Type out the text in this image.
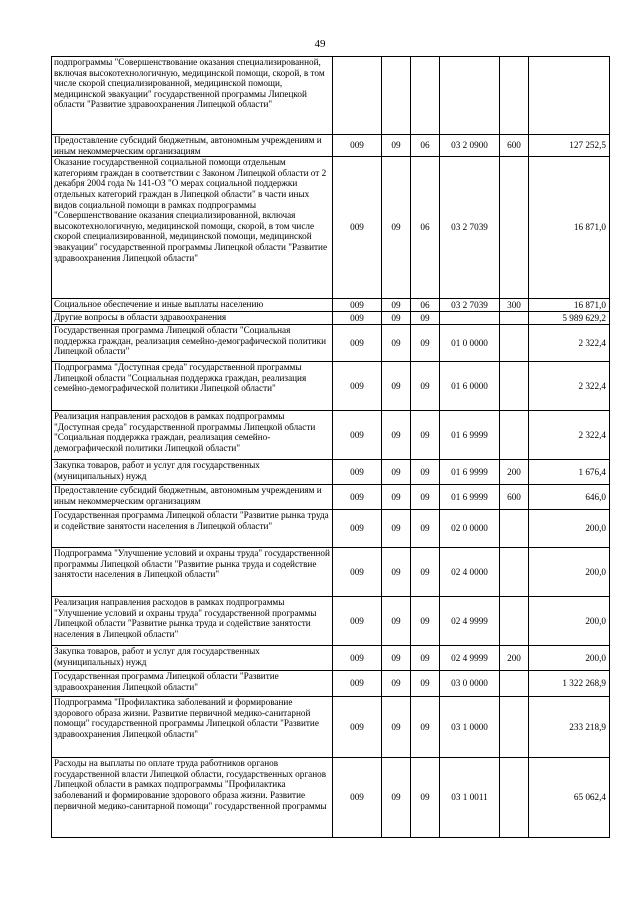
49
подпрограммы "Совершенствование оказания специализированной, включая высокотехнологичную, медицинской помощи, скорой, в том числе скорой специализированной, медицинской помощи, медицинской эвакуации" государственной программы Липецкой области "Развитие здравоохранения Липецкой области"						
Предоставление субсидий бюджетным, автономным учреждениям и иным некоммерческим организациям	009	09	06	03 2 0900	600	127 252,5
Оказание государственной социальной помощи отдельным категориям граждан в соответствии с Законом Липецкой области от 2 декабря 2004 года № 141-ОЗ "О мерах социальной поддержки отдельных категорий граждан в Липецкой области" в части иных видов социальной помощи в рамках подпрограммы "Совершенствование оказания специализированной, включая высокотехнологичную, медицинской помощи, скорой, в том числе скорой специализированной, медицинской помощи, медицинской эвакуации" государственной программы Липецкой области "Развитие здравоохранения Липецкой области"	009	09	06	03 2 7039		16 871,0
Социальное обеспечение и иные выплаты населению	009	09	06	03 2 7039	300	16 871,0
Другие вопросы в области здравоохранения	009	09	09			5 989 629,2
Государственная программа Липецкой области "Социальная поддержка граждан, реализация семейно-демографической политики Липецкой области"	009	09	09	01 0 0000		2 322,4
Подпрограмма "Доступная среда" государственной программы Липецкой области "Социальная поддержка граждан, реализация семейно-демографической политики Липецкой области"	009	09	09	01 6 0000		2 322,4
Реализация направления расходов в рамках подпрограммы "Доступная среда" государственной программы Липецкой области "Социальная поддержка граждан, реализация семейно-демографической политики Липецкой области"	009	09	09	01 6 9999		2 322,4
Закупка товаров, работ и услуг для государственных (муниципальных) нужд	009	09	09	01 6 9999	200	1 676,4
Предоставление субсидий бюджетным, автономным учреждениям и иным некоммерческим организациям	009	09	09	01 6 9999	600	646,0
Государственная программа Липецкой области "Развитие рынка труда и содействие занятости населения в Липецкой области"	009	09	09	02 0 0000		200,0
Подпрограмма "Улучшение условий и охраны труда" государственной программы Липецкой области "Развитие рынка труда и содействие занятости населения в Липецкой области"	009	09	09	02 4 0000		200,0
Реализация направления расходов в рамках подпрограммы "Улучшение условий и охраны труда" государственной программы Липецкой области "Развитие рынка труда и содействие занятости населения в Липецкой области"	009	09	09	02 4 9999		200,0
Закупка товаров, работ и услуг для государственных (муниципальных) нужд	009	09	09	02 4 9999	200	200,0
Государственная программа Липецкой области "Развитие здравоохранения Липецкой области"	009	09	09	03 0 0000		1 322 268,9
Подпрограмма "Профилактика заболеваний и формирование здорового образа жизни. Развитие первичной медико-санитарной помощи" государственной программы Липецкой области "Развитие здравоохранения Липецкой области"	009	09	09	03 1 0000		233 218,9
Расходы на выплаты по оплате труда работников органов государственной власти Липецкой области, государственных органов Липецкой области в рамках подпрограммы "Профилактика заболеваний и формирование здорового образа жизни. Развитие первичной медико-санитарной помощи" государственной программы	009	09	09	03 1 0011		65 062,4
